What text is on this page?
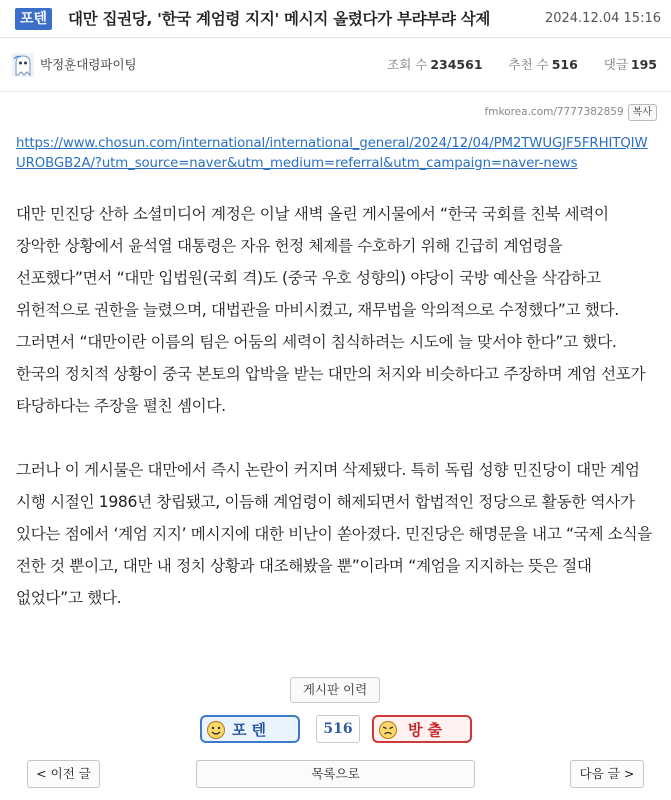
포텐	대만 집권당, '한국 계엄령 지지' 메시지 올렸다가 부랴부랴 삭제	2024.12.04 15:16
박정훈대령파이팅	조회 수 234561 추천 수 516 댓글 195
fmkorea.com/7777382859 복사
https://www.chosun.com/international/international_general/2024/12/04/PM2TWUGJF5FRHITQIWUROBGB2A/?utm_source=naver&utm_medium=referral&utm_campaign=naver-news

대만 민진당 산하 소셜미디어 계정은 이날 새벽 올린 게시물에서 “한국 국회를 친북 세력이 장악한 상황에서 윤석열 대통령은 자유 헌정 체제를 수호하기 위해 긴급히 계엄령을 선포했다”면서 “대만 입법원(국회 격)도 (중국 우호 성향의) 야당이 국방 예산을 삭감하고 위헌적으로 권한을 늘렸으며, 대법관을 마비시켰고, 재무법을 악의적으로 수정했다”고 했다. 그러면서 “대만이란 이름의 팀은 어둠의 세력이 침식하려는 시도에 늘 맞서야 한다”고 했다. 한국의 정치적 상황이 중국 본토의 압박을 받는 대만의 처지와 비슷하다고 주장하며 계엄 선포가 타당하다는 주장을 펼친 셈이다.

그러나 이 게시물은 대만에서 즉시 논란이 커지며 삭제됐다. 특히 독립 성향 민진당이 대만 계엄 시행 시절인 1986년 창립됐고, 이듬해 계엄령이 해제되면서 합법적인 정당으로 활동한 역사가 있다는 점에서 ‘계엄 지지’ 메시지에 대한 비난이 쏟아졌다. 민진당은 해명문을 내고 “국제 소식을 전한 것 뿐이고, 대만 내 정치 상황과 대조해봤을 뿐”이라며 “계엄을 지지하는 뜻은 절대 없었다”고 했다.

게시판 이력
포텐	516	방출
< 이전 글	목록으로	다음 글 >
